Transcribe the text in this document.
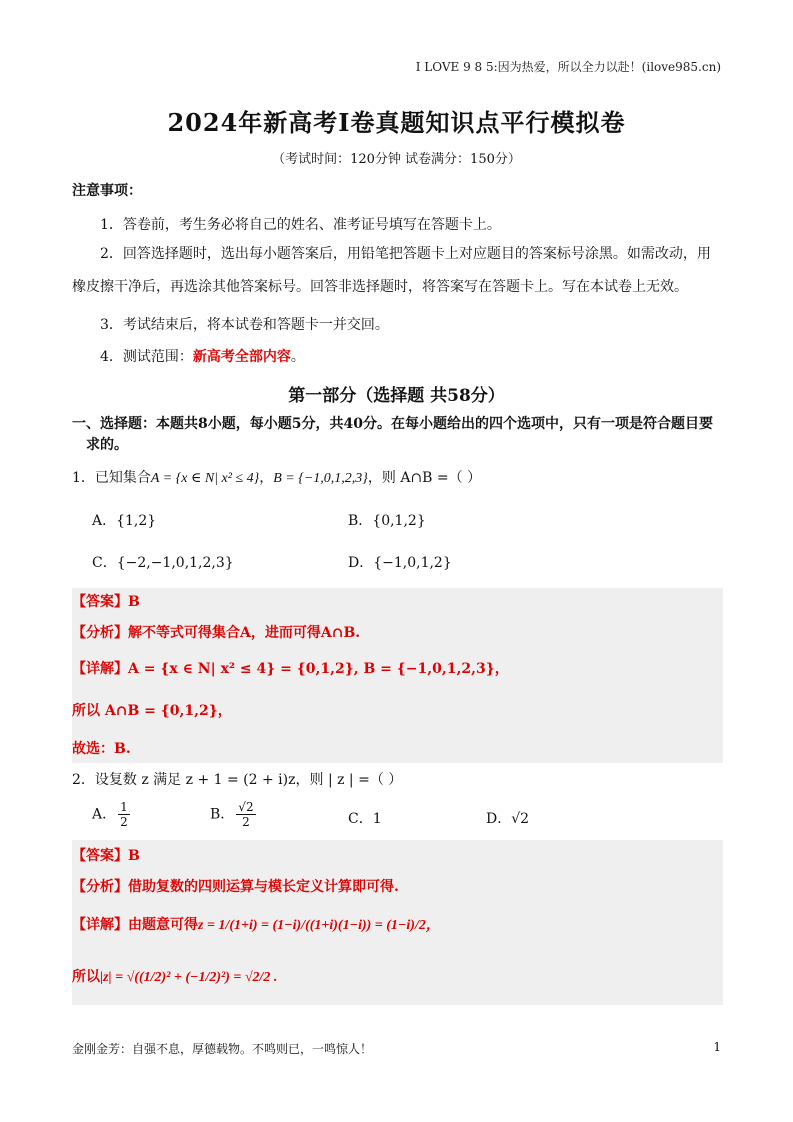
I LOVE 9 8 5:因为热爱，所以全力以赴！(ilove985.cn)
2024年新高考I卷真题知识点平行模拟卷
（考试时间：120分钟 试卷满分：150分）
注意事项：
1．答卷前，考生务必将自己的姓名、准考证号填写在答题卡上。
2．回答选择题时，选出每小题答案后，用铅笔把答题卡上对应题目的答案标号涂黑。如需改动，用橡皮擦干净后，再选涂其他答案标号。回答非选择题时，将答案写在答题卡上。写在本试卷上无效。
3．考试结束后，将本试卷和答题卡一并交回。
4．测试范围：新高考全部内容。
第一部分（选择题 共58分）
一、选择题：本题共8小题，每小题5分，共40分。在每小题给出的四个选项中，只有一项是符合题目要
求的。
1．已知集合A = {x ∈ N| x² ≤ 4}，B = {−1,0,1,2,3}，则 A∩B =（ ）
A．{1,2}	B．{0,1,2}
C．{−2,−1,0,1,2,3}	D．{−1,0,1,2}
【答案】B
【分析】解不等式可得集合A，进而可得A∩B.
【详解】A = {x ∈ N| x² ≤ 4} = {0,1,2}, B = {−1,0,1,2,3}，
所以 A∩B = {0,1,2}，
故选：B.
2．设复数 z 满足 z + 1 = (2 + i)z，则 | z | =（ ）
A． $\frac{1}{2}$	B． $\frac{√2}{2}$	C．1	D．√2
【答案】B
【分析】借助复数的四则运算与模长定义计算即可得.
【详解】由题意可得z = 1/(1+i) = (1−i)/((1+i)(1−i)) = (1−i)/2，
所以|z| = √((1/2)² + (−1/2)²) = √2/2 .
金刚金芳：自强不息，厚德载物。不鸣则已，一鸣惊人！	1
